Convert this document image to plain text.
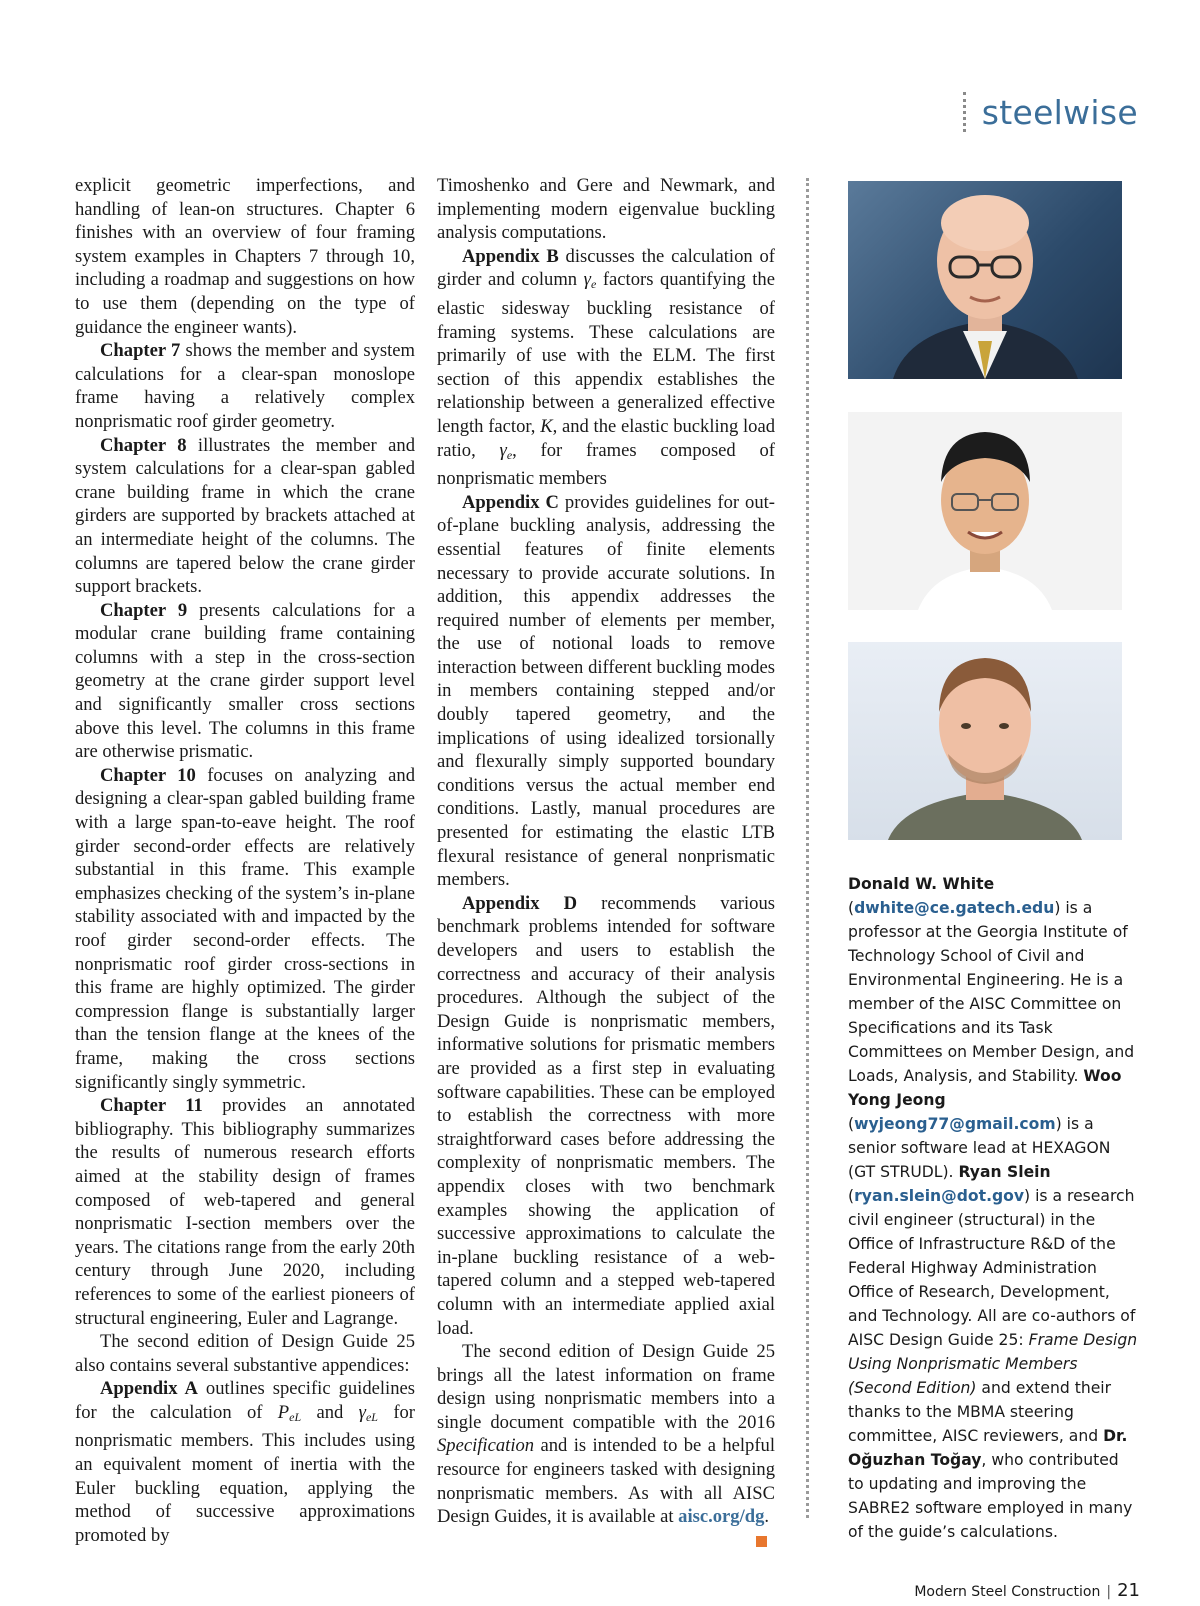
steelwise

explicit geometric imperfections, and handling of lean-on structures. Chapter 6 finishes with an overview of four framing system examples in Chapters 7 through 10, including a roadmap and suggestions on how to use them (depending on the type of guidance the engineer wants).

Chapter 7 shows the member and system calculations for a clear-span monoslope frame having a relatively complex nonprismatic roof girder geometry.

Chapter 8 illustrates the member and system calculations for a clear-span gabled crane building frame in which the crane girders are supported by brackets attached at an intermediate height of the columns. The columns are tapered below the crane girder support brackets.

Chapter 9 presents calculations for a modular crane building frame containing columns with a step in the cross-section geometry at the crane girder support level and significantly smaller cross sections above this level. The columns in this frame are otherwise prismatic.

Chapter 10 focuses on analyzing and designing a clear-span gabled building frame with a large span-to-eave height. The roof girder second-order effects are relatively substantial in this frame. This example emphasizes checking of the system’s in-plane stability associated with and impacted by the roof girder second-order effects. The nonprismatic roof girder cross-sections in this frame are highly optimized. The girder compression flange is substantially larger than the tension flange at the knees of the frame, making the cross sections significantly singly symmetric.

Chapter 11 provides an annotated bibliography. This bibliography summarizes the results of numerous research efforts aimed at the stability design of frames composed of web-tapered and general nonprismatic I-section members over the years. The citations range from the early 20th century through June 2020, including references to some of the earliest pioneers of structural engineering, Euler and Lagrange.

The second edition of Design Guide 25 also contains several substantive appendices:

Appendix A outlines specific guidelines for the calculation of $P_{eL}$ and $\gamma_{eL}$ for nonprismatic members. This includes using an equivalent moment of inertia with the Euler buckling equation, applying the method of successive approximations promoted by

Timoshenko and Gere and Newmark, and implementing modern eigenvalue buckling analysis computations.

Appendix B discusses the calculation of girder and column $\gamma_e$ factors quantifying the elastic sidesway buckling resistance of framing systems. These calculations are primarily of use with the ELM. The first section of this appendix establishes the relationship between a generalized effective length factor, K, and the elastic buckling load ratio, $\gamma_e$, for frames composed of nonprismatic members

Appendix C provides guidelines for out-of-plane buckling analysis, addressing the essential features of finite elements necessary to provide accurate solutions. In addition, this appendix addresses the required number of elements per member, the use of notional loads to remove interaction between different buckling modes in members containing stepped and/or doubly tapered geometry, and the implications of using idealized torsionally and flexurally simply supported boundary conditions versus the actual member end conditions. Lastly, manual procedures are presented for estimating the elastic LTB flexural resistance of general nonprismatic members.

Appendix D recommends various benchmark problems intended for software developers and users to establish the correctness and accuracy of their analysis procedures. Although the subject of the Design Guide is nonprismatic members, informative solutions for prismatic members are provided as a first step in evaluating software capabilities. These can be employed to establish the correctness with more straightforward cases before addressing the complexity of nonprismatic members. The appendix closes with two benchmark examples showing the application of successive approximations to calculate the in-plane buckling resistance of a web-tapered column and a stepped web-tapered column with an intermediate applied axial load.

The second edition of Design Guide 25 brings all the latest information on frame design using nonprismatic members into a single document compatible with the 2016 Specification and is intended to be a helpful resource for engineers tasked with designing nonprismatic members. As with all AISC Design Guides, it is available at aisc.org/dg.

Donald W. White
(dwhite@ce.gatech.edu) is a professor at the Georgia Institute of Technology School of Civil and Environmental Engineering. He is a member of the AISC Committee on Specifications and its Task Committees on Member Design, and Loads, Analysis, and Stability. Woo Yong Jeong
(wyjeong77@gmail.com) is a senior software lead at HEXAGON (GT STRUDL). Ryan Slein
(ryan.slein@dot.gov) is a research civil engineer (structural) in the Office of Infrastructure R&D of the Federal Highway Administration Office of Research, Development, and Technology. All are co-authors of AISC Design Guide 25: Frame Design Using Nonprismatic Members (Second Edition) and extend their thanks to the MBMA steering committee, AISC reviewers, and Dr. Oğuzhan Toğay, who contributed to updating and improving the SABRE2 software employed in many of the guide’s calculations.
Modern Steel Construction | 21
